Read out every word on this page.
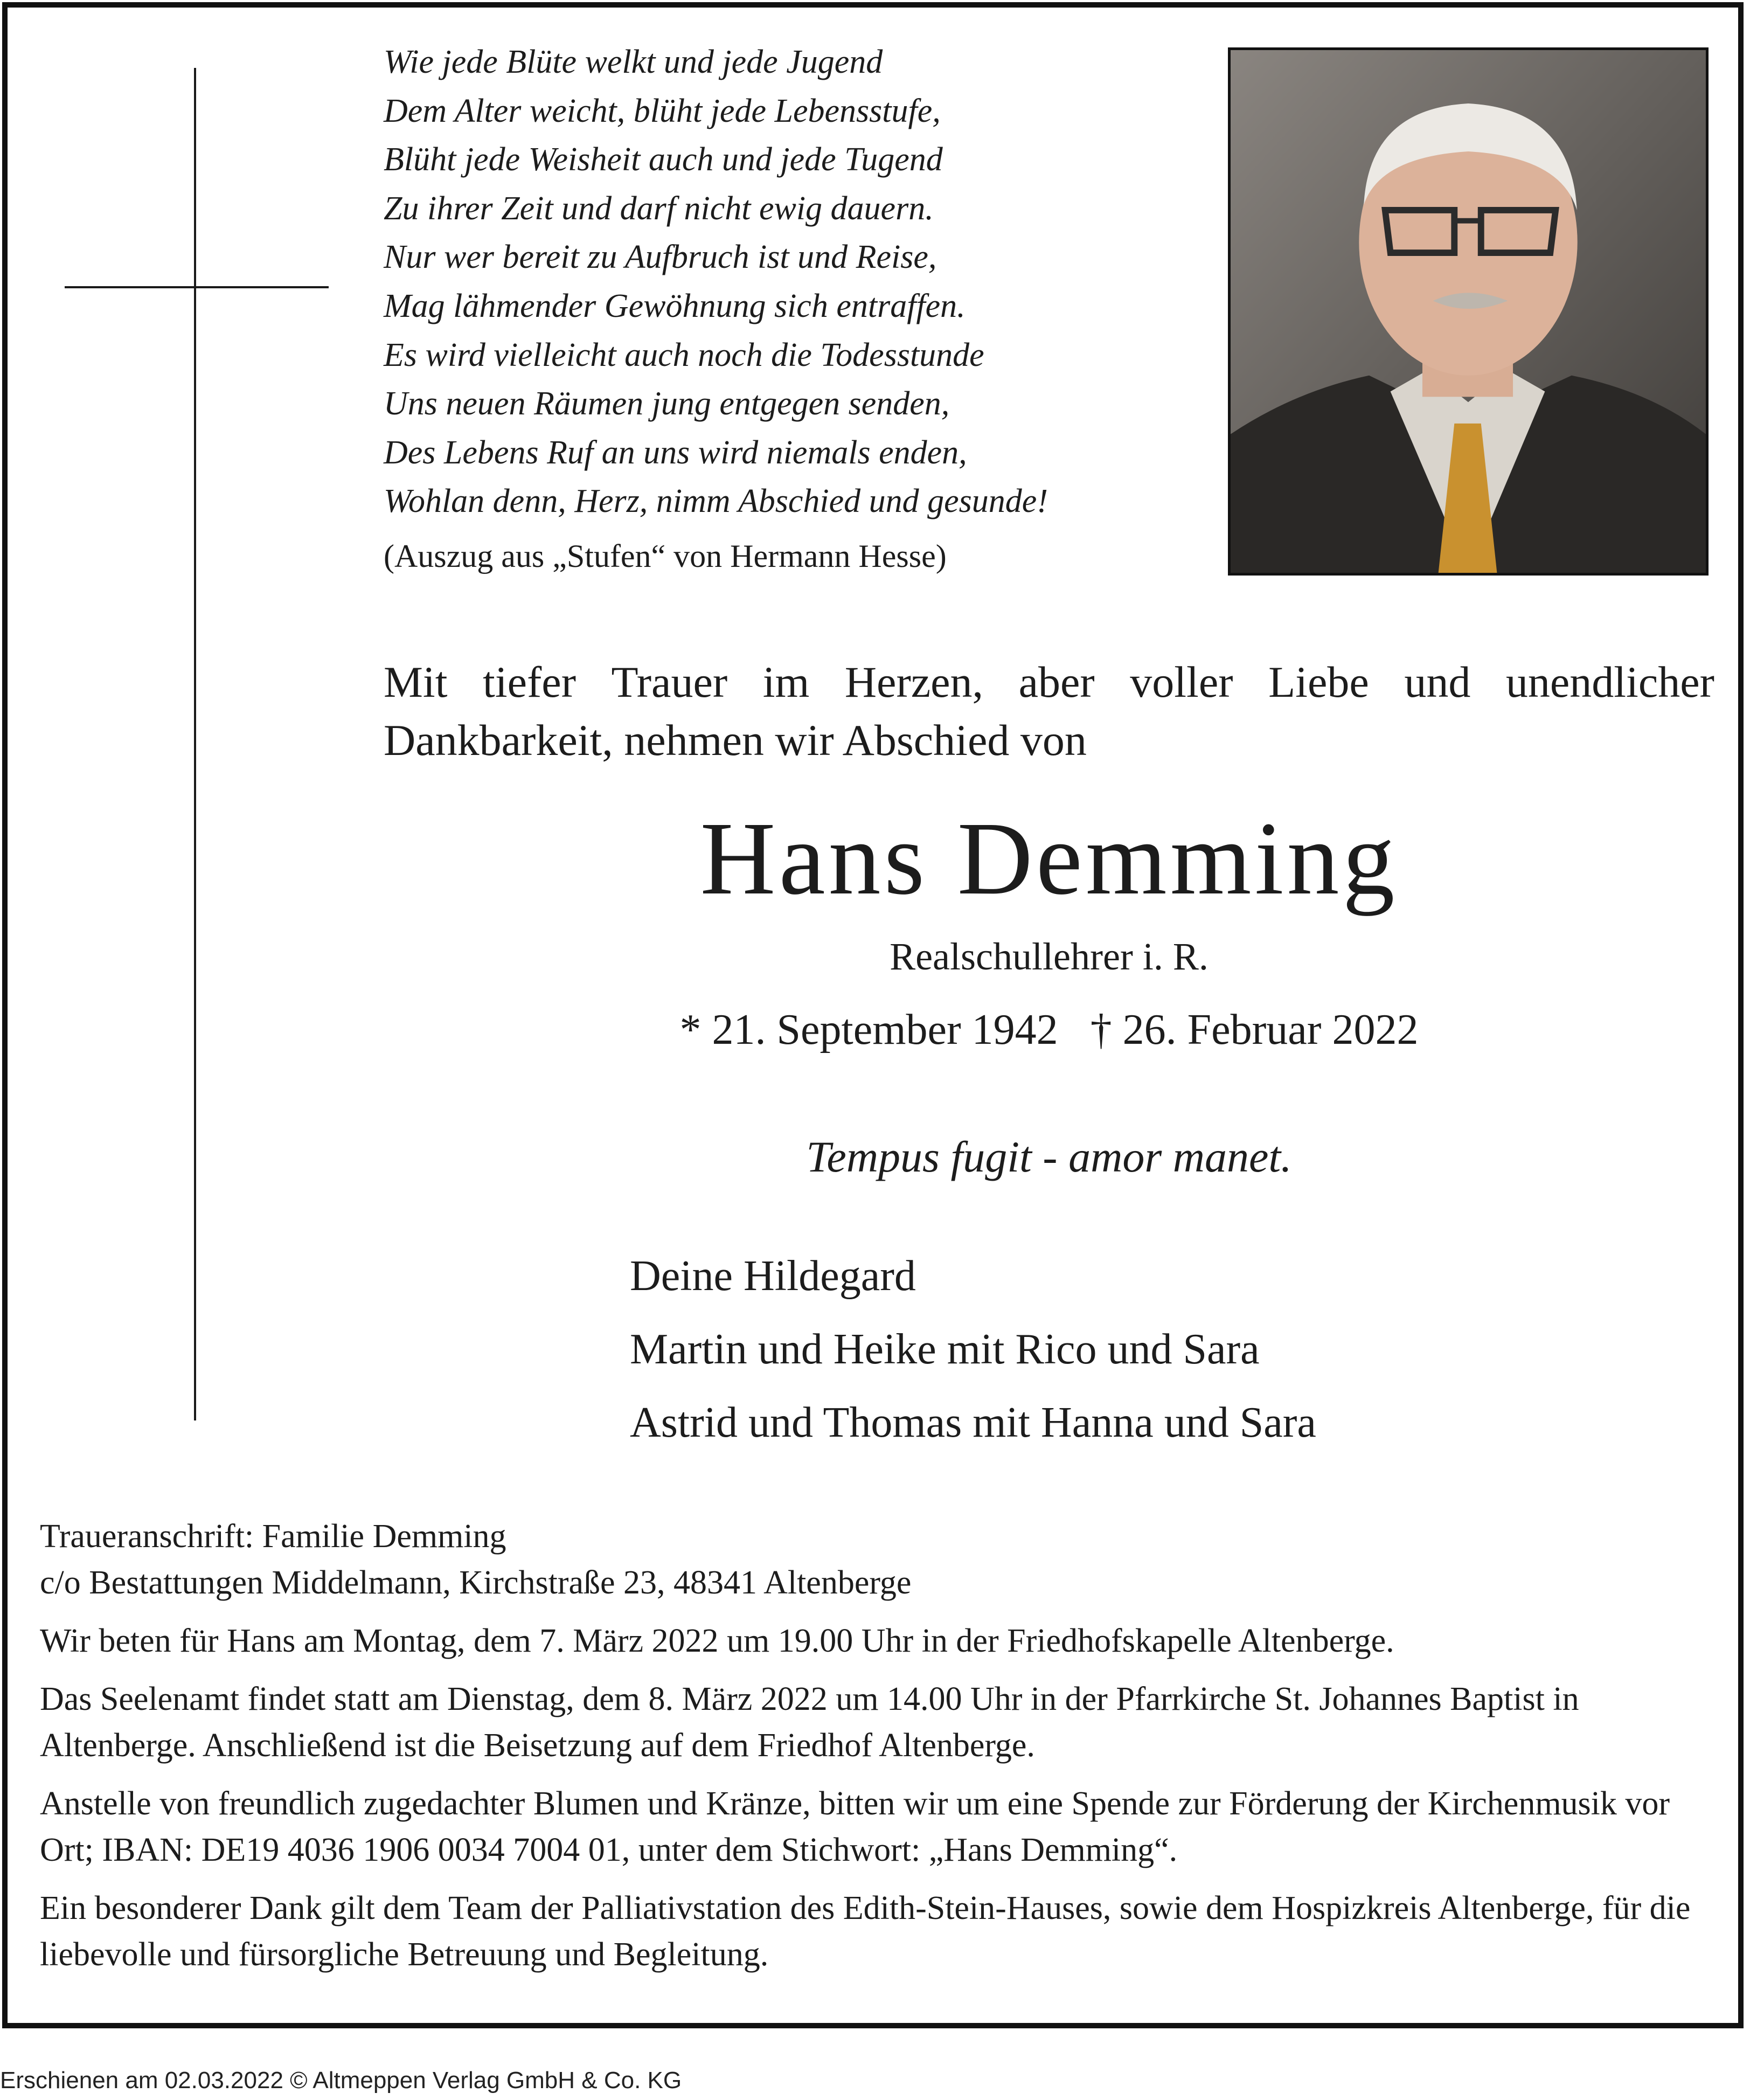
Wie jede Blüte welkt und jede Jugend
Dem Alter weicht, blüht jede Lebensstufe,
Blüht jede Weisheit auch und jede Tugend
Zu ihrer Zeit und darf nicht ewig dauern.
Nur wer bereit zu Aufbruch ist und Reise,
Mag lähmender Gewöhnung sich entraffen.
Es wird vielleicht auch noch die Todesstunde
Uns neuen Räumen jung entgegen senden,
Des Lebens Ruf an uns wird niemals enden,
Wohlan denn, Herz, nimm Abschied und gesunde!
(Auszug aus „Stufen“ von Hermann Hesse)
Mit tiefer Trauer im Herzen, aber voller Liebe und unendlicher
Dankbarkeit, nehmen wir Abschied von
Hans Demming
Realschullehrer i. R.
* 21. September 1942   † 26. Februar 2022
Tempus fugit - amor manet.
Deine Hildegard
Martin und Heike mit Rico und Sara
Astrid und Thomas mit Hanna und Sara

Traueranschrift: Familie Demming
c/o Bestattungen Middelmann, Kirchstraße 23, 48341 Altenberge

Wir beten für Hans am Montag, dem 7. März 2022 um 19.00 Uhr in der Friedhofskapelle Altenberge.

Das Seelenamt findet statt am Dienstag, dem 8. März 2022 um 14.00 Uhr in der Pfarrkirche St. Johannes Baptist in Altenberge. Anschließend ist die Beisetzung auf dem Friedhof Altenberge.

Anstelle von freundlich zugedachter Blumen und Kränze, bitten wir um eine Spende zur Förderung der Kirchenmusik vor Ort; IBAN: DE19 4036 1906 0034 7004 01, unter dem Stichwort: „Hans Demming“.

Ein besonderer Dank gilt dem Team der Palliativstation des Edith-Stein-Hauses, sowie dem Hospizkreis Altenberge, für die liebevolle und fürsorgliche Betreuung und Begleitung.

Erschienen am 02.03.2022 © Altmeppen Verlag GmbH & Co. KG
